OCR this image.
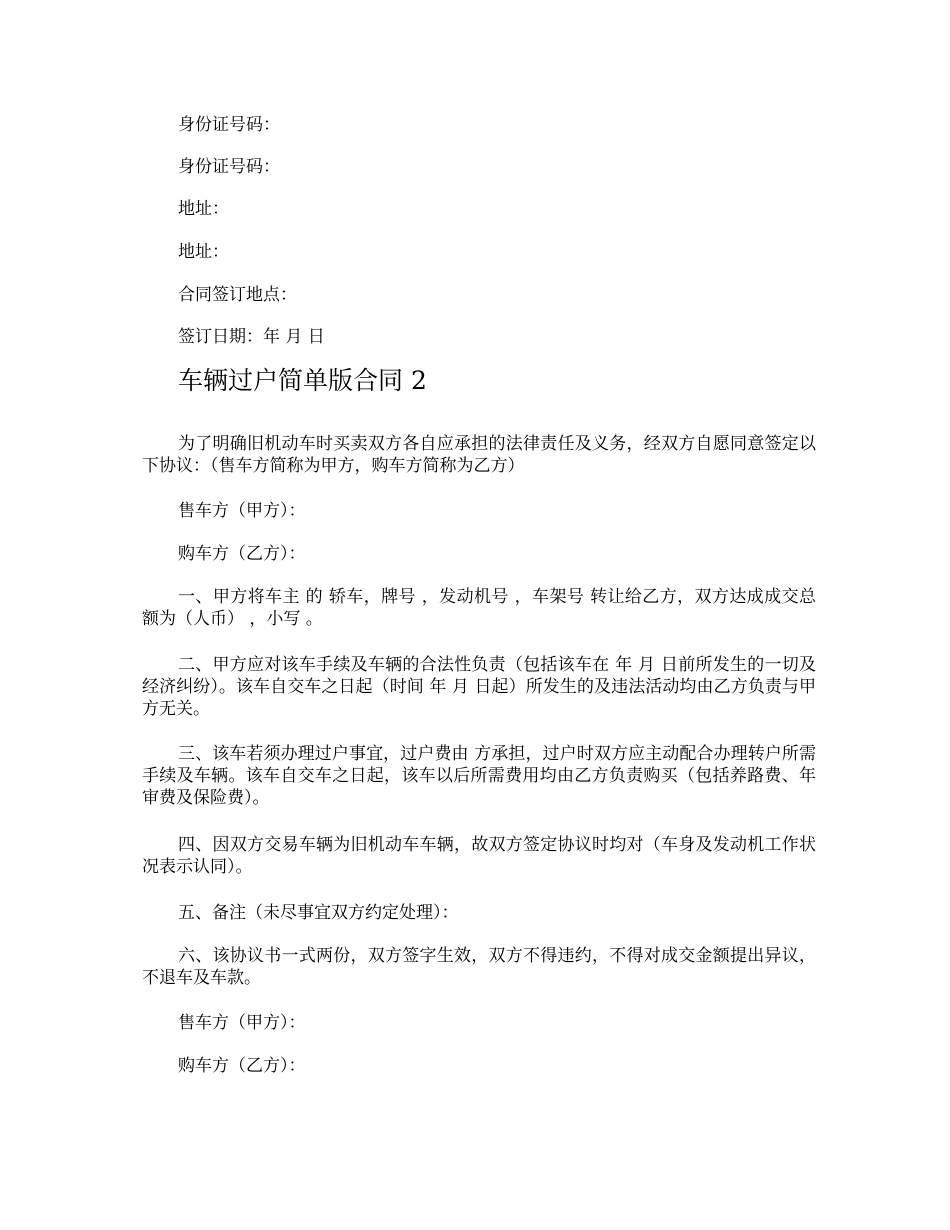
身份证号码：
身份证号码：
地址：
地址：
合同签订地点：
签订日期：年 月 日
车辆过户简单版合同 2
为了明确旧机动车时买卖双方各自应承担的法律责任及义务，经双方自愿同意签定以下协议：（售车方简称为甲方，购车方简称为乙方）
售车方（甲方）：
购车方（乙方）：
一、甲方将车主 的 轿车，牌号 ，发动机号 ，车架号 转让给乙方，双方达成成交总额为（人币） ，小写 。
二、甲方应对该车手续及车辆的合法性负责（包括该车在 年 月 日前所发生的一切及经济纠纷）。该车自交车之日起（时间 年 月 日起）所发生的及违法活动均由乙方负责与甲方无关。
三、该车若须办理过户事宜，过户费由 方承担，过户时双方应主动配合办理转户所需手续及车辆。该车自交车之日起，该车以后所需费用均由乙方负责购买（包括养路费、年审费及保险费）。
四、因双方交易车辆为旧机动车车辆，故双方签定协议时均对（车身及发动机工作状况表示认同）。
五、备注（未尽事宜双方约定处理）：
六、该协议书一式两份，双方签字生效，双方不得违约，不得对成交金额提出异议，不退车及车款。
售车方（甲方）：
购车方（乙方）：
